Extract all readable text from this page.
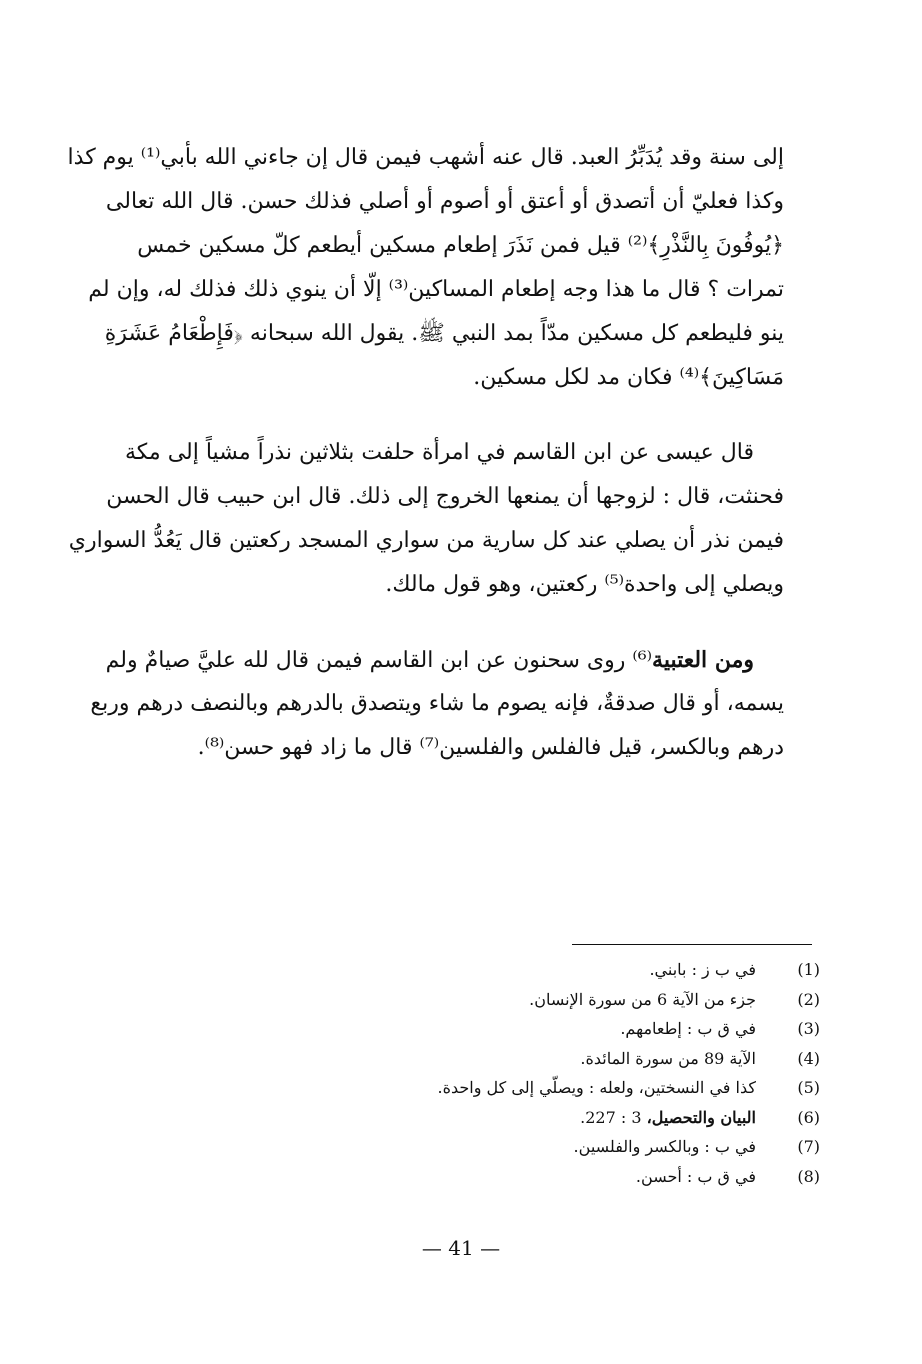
إلى سنة وقد يُدَبِّرُ العبد. قال عنه أشهب فيمن قال إن جاءني الله بأبي⁽¹⁾ يوم كذا
وكذا فعليّ أن أتصدق أو أعتق أو أصوم أو أصلي فذلك حسن. قال الله تعالى
﴿يُوفُونَ بِالنَّذْرِ﴾⁽²⁾ قيل فمن نَذَرَ إطعام مسكين أيطعم كلّ مسكين خمس
تمرات ؟ قال ما هذا وجه إطعام المساكين⁽³⁾ إلّا أن ينوي ذلك فذلك له، وإن لم
ينو فليطعم كل مسكين مدّاً بمد النبي ﷺ. يقول الله سبحانه ﴿فَإِطْعَامُ عَشَرَةِ
مَسَاكِينَ﴾⁽⁴⁾ فكان مد لكل مسكين.
قال عيسى عن ابن القاسم في امرأة حلفت بثلاثين نذراً مشياً إلى مكة
فحنثت، قال : لزوجها أن يمنعها الخروج إلى ذلك. قال ابن حبيب قال الحسن
فيمن نذر أن يصلي عند كل سارية من سواري المسجد ركعتين قال يَعُدُّ السواري
ويصلي إلى واحدة⁽⁵⁾ ركعتين، وهو قول مالك.
ومن العتبية⁽⁶⁾ روى سحنون عن ابن القاسم فيمن قال لله عليَّ صيامٌ ولم
يسمه، أو قال صدقةٌ، فإنه يصوم ما شاء ويتصدق بالدرهم وبالنصف درهم وربع
درهم وبالكسر، قيل فالفلس والفلسين⁽⁷⁾ قال ما زاد فهو حسن⁽⁸⁾.
(1)
في ب ز : بابني.
(2)
جزء من الآية 6 من سورة الإنسان.
(3)
في ق ب : إطعامهم.
(4)
الآية 89 من سورة المائدة.
(5)
كذا في النسختين، ولعله : ويصلّي إلى كل واحدة.
(6)
البيان والتحصيل، 3 : 227.
(7)
في ب : وبالكسر والفلسين.
(8)
في ق ب : أحسن.
— 41 —
